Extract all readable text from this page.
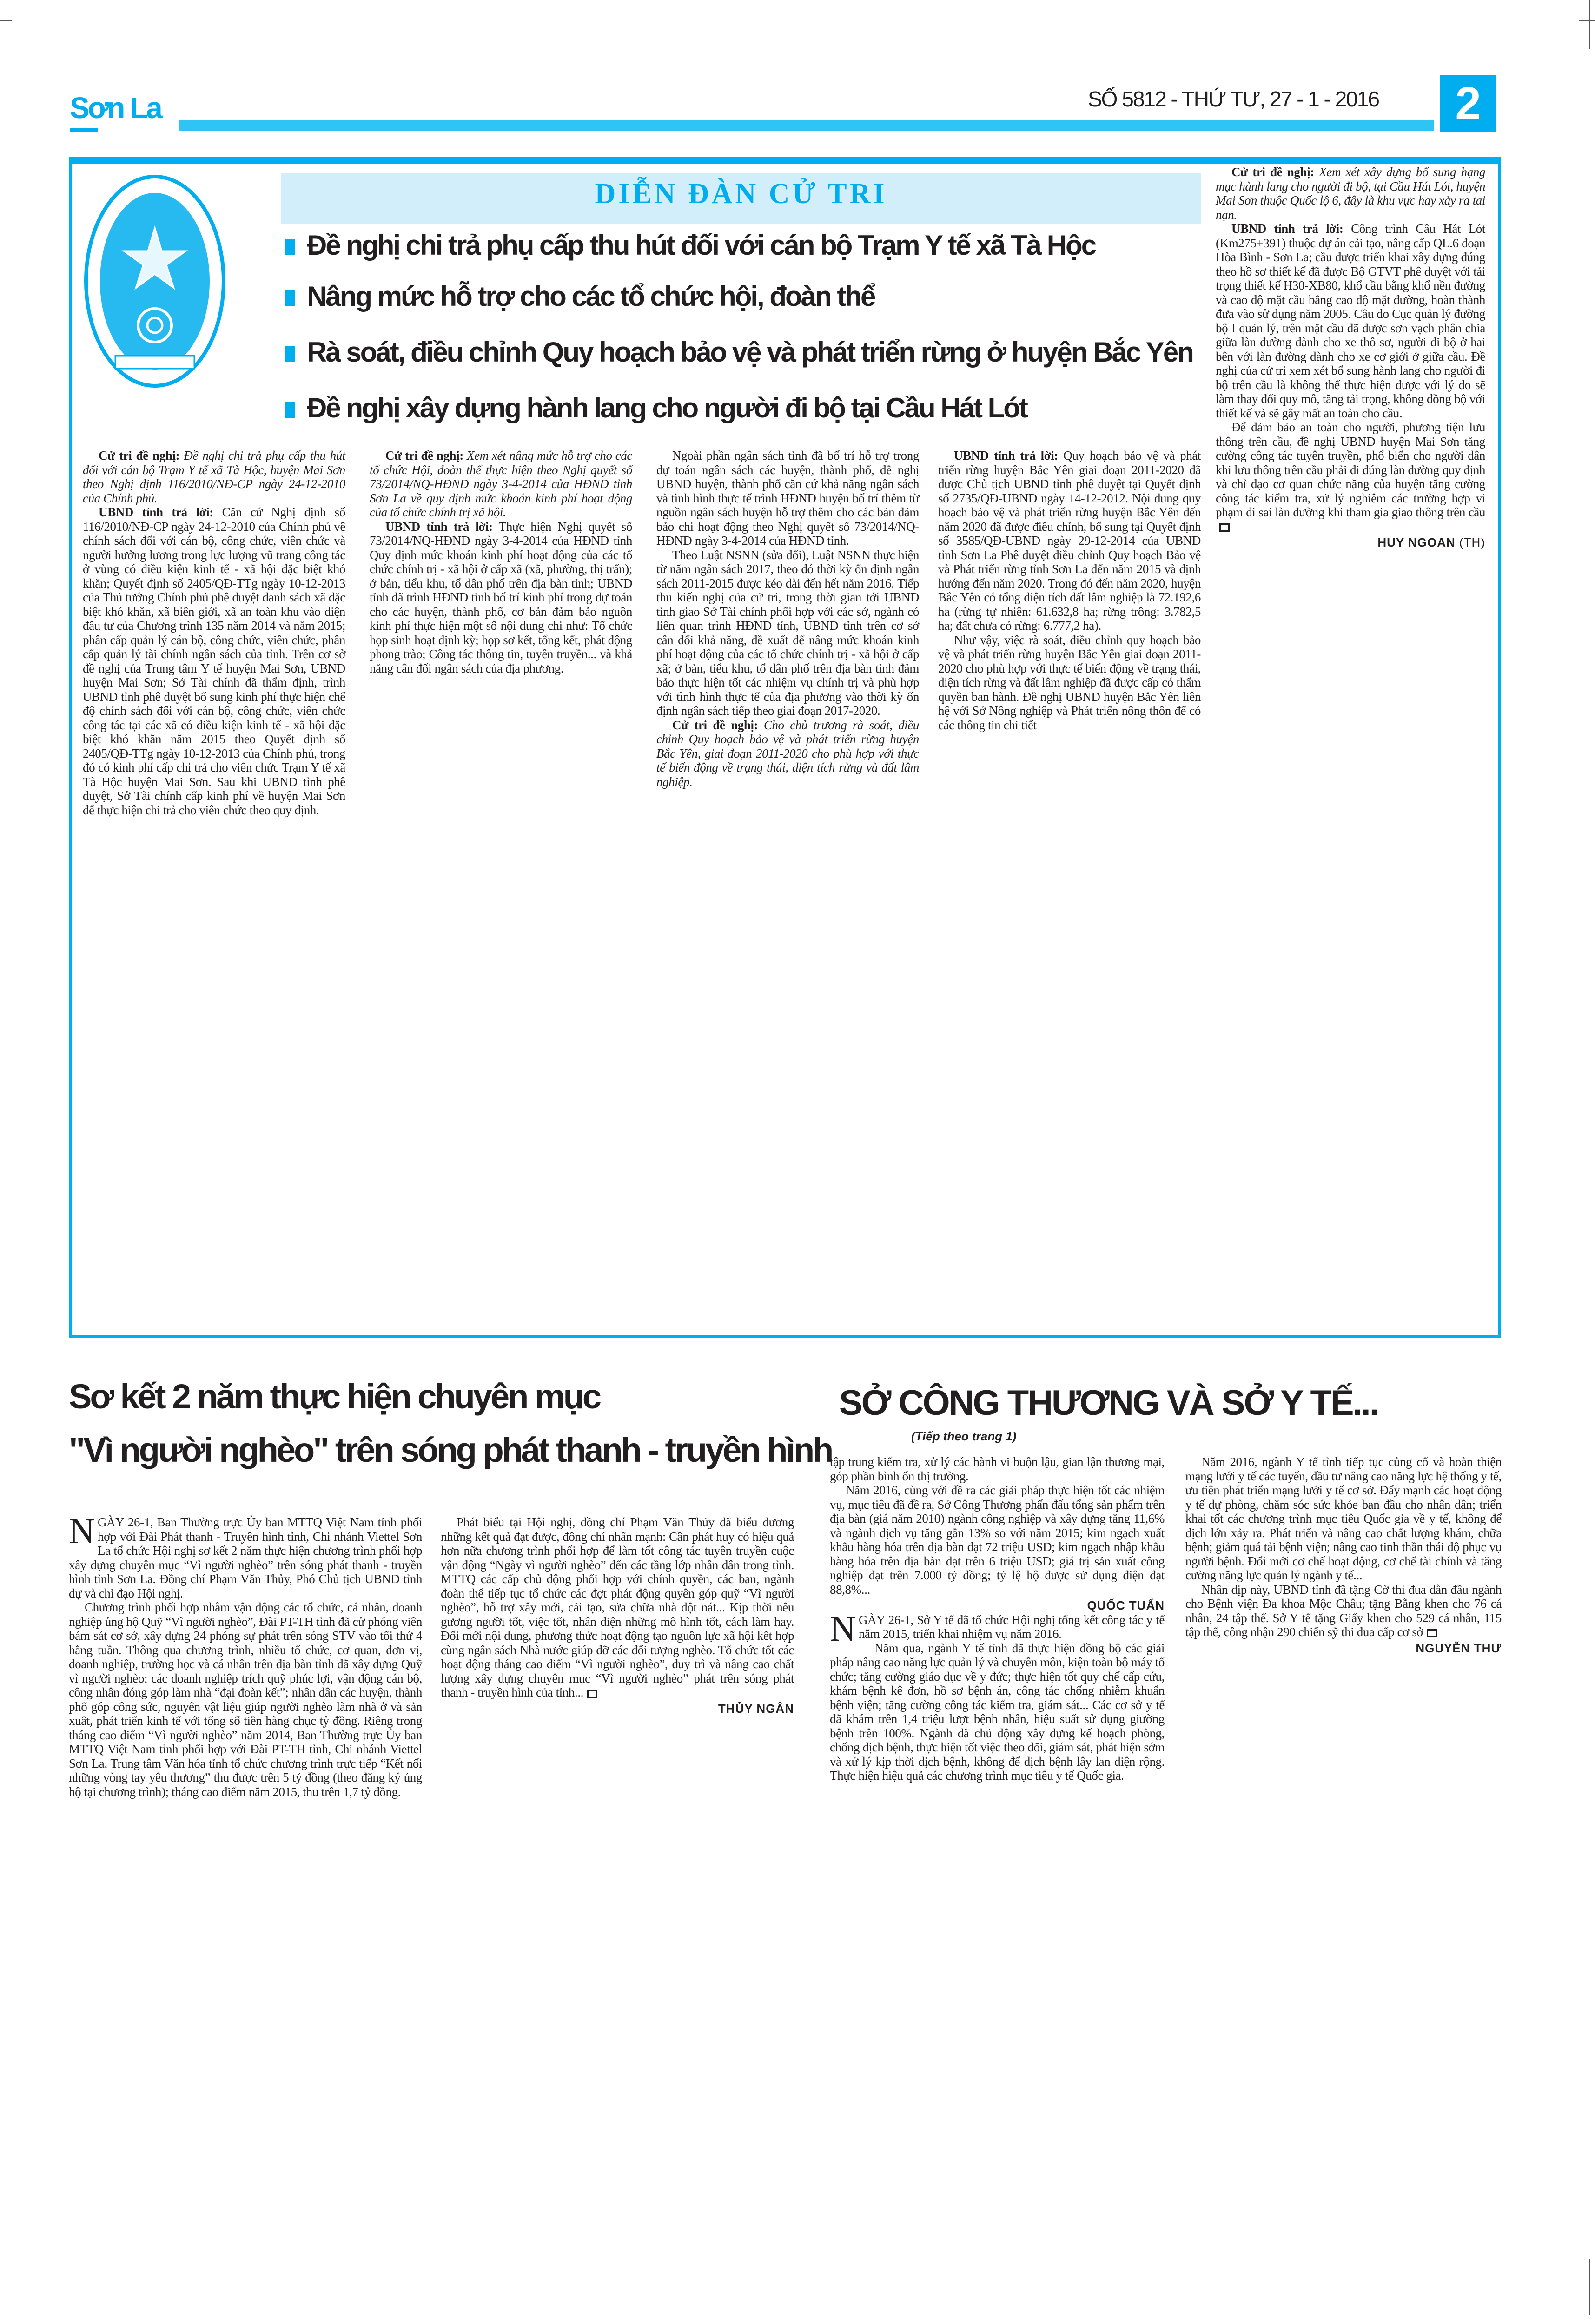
Sơn La	SỐ 5812 - THỨ TƯ, 27 - 1 - 2016	2
DIỄN ĐÀN CỬ TRI
Đề nghị chi trả phụ cấp thu hút đối với cán bộ Trạm Y tế xã Tà Hộc
Nâng mức hỗ trợ cho các tổ chức hội, đoàn thể
Rà soát, điều chỉnh Quy hoạch bảo vệ và phát triển rừng ở huyện Bắc Yên
Đề nghị xây dựng hành lang cho người đi bộ tại Cầu Hát Lót

Cử tri đề nghị: Đề nghị chi trả phụ cấp thu hút đối với cán bộ Trạm Y tế xã Tà Hộc, huyện Mai Sơn theo Nghị định 116/2010/NĐ-CP ngày 24-12-2010 của Chính phủ.

UBND tỉnh trả lời: Căn cứ Nghị định số 116/2010/NĐ-CP ngày 24-12-2010 của Chính phủ về chính sách đối với cán bộ, công chức, viên chức và người hưởng lương trong lực lượng vũ trang công tác ở vùng có điều kiện kinh tế - xã hội đặc biệt khó khăn; Quyết định số 2405/QĐ-TTg ngày 10-12-2013 của Thủ tướng Chính phủ phê duyệt danh sách xã đặc biệt khó khăn, xã biên giới, xã an toàn khu vào diện đầu tư của Chương trình 135 năm 2014 và năm 2015; phân cấp quản lý cán bộ, công chức, viên chức, phân cấp quản lý tài chính ngân sách của tỉnh. Trên cơ sở đề nghị của Trung tâm Y tế huyện Mai Sơn, UBND huyện Mai Sơn; Sở Tài chính đã thẩm định, trình UBND tỉnh phê duyệt bổ sung kinh phí thực hiện chế độ chính sách đối với cán bộ, công chức, viên chức công tác tại các xã có điều kiện kinh tế - xã hội đặc biệt khó khăn năm 2015 theo Quyết định số 2405/QĐ-TTg ngày 10-12-2013 của Chính phủ, trong đó có kinh phí cấp chi trả cho viên chức Trạm Y tế xã Tà Hộc huyện Mai Sơn. Sau khi UBND tỉnh phê duyệt, Sở Tài chính cấp kinh phí về huyện Mai Sơn để thực hiện chi trả cho viên chức theo quy định.

Cử tri đề nghị: Xem xét nâng mức hỗ trợ cho các tổ chức Hội, đoàn thể thực hiện theo Nghị quyết số 73/2014/NQ-HĐND ngày 3-4-2014 của HĐND tỉnh Sơn La về quy định mức khoán kinh phí hoạt động của tổ chức chính trị xã hội.

UBND tỉnh trả lời: Thực hiện Nghị quyết số 73/2014/NQ-HĐND ngày 3-4-2014 của HĐND tỉnh Quy định mức khoán kinh phí hoạt động của các tổ chức chính trị - xã hội ở cấp xã (xã, phường, thị trấn); ở bản, tiểu khu, tổ dân phố trên địa bàn tỉnh; UBND tỉnh đã trình HĐND tỉnh bố trí kinh phí trong dự toán cho các huyện, thành phố, cơ bản đảm bảo nguồn kinh phí thực hiện một số nội dung chi như: Tổ chức họp sinh hoạt định kỳ; họp sơ kết, tổng kết, phát động phong trào; Công tác thông tin, tuyên truyền... và khả năng cân đối ngân sách của địa phương.

Ngoài phần ngân sách tỉnh đã bố trí hỗ trợ trong dự toán ngân sách các huyện, thành phố, đề nghị UBND huyện, thành phố căn cứ khả năng ngân sách và tình hình thực tế trình HĐND huyện bố trí thêm từ nguồn ngân sách huyện hỗ trợ thêm cho các bản đảm bảo chi hoạt động theo Nghị quyết số 73/2014/NQ-HĐND ngày 3-4-2014 của HĐND tỉnh.

Theo Luật NSNN (sửa đổi), Luật NSNN thực hiện từ năm ngân sách 2017, theo đó thời kỳ ổn định ngân sách 2011-2015 được kéo dài đến hết năm 2016. Tiếp thu kiến nghị của cử tri, trong thời gian tới UBND tỉnh giao Sở Tài chính phối hợp với các sở, ngành có liên quan trình HĐND tỉnh, UBND tỉnh trên cơ sở cân đối khả năng, đề xuất để nâng mức khoán kinh phí hoạt động của các tổ chức chính trị - xã hội ở cấp xã; ở bản, tiểu khu, tổ dân phố trên địa bàn tỉnh đảm bảo thực hiện tốt các nhiệm vụ chính trị và phù hợp với tình hình thực tế của địa phương vào thời kỳ ổn định ngân sách tiếp theo giai đoạn 2017-2020.

Cử tri đề nghị: Cho chủ trương rà soát, điều chỉnh Quy hoạch bảo vệ và phát triển rừng huyện Bắc Yên, giai đoạn 2011-2020 cho phù hợp với thực tế biến động về trạng thái, diện tích rừng và đất lâm nghiệp.

UBND tỉnh trả lời: Quy hoạch bảo vệ và phát triển rừng huyện Bắc Yên giai đoạn 2011-2020 đã được Chủ tịch UBND tỉnh phê duyệt tại Quyết định số 2735/QĐ-UBND ngày 14-12-2012. Nội dung quy hoạch bảo vệ và phát triển rừng huyện Bắc Yên đến năm 2020 đã được điều chỉnh, bổ sung tại Quyết định số 3585/QĐ-UBND ngày 29-12-2014 của UBND tỉnh Sơn La Phê duyệt điều chỉnh Quy hoạch Bảo vệ và Phát triển rừng tỉnh Sơn La đến năm 2015 và định hướng đến năm 2020. Trong đó đến năm 2020, huyện Bắc Yên có tổng diện tích đất lâm nghiệp là 72.192,6 ha (rừng tự nhiên: 61.632,8 ha; rừng trồng: 3.782,5 ha; đất chưa có rừng: 6.777,2 ha).

Như vậy, việc rà soát, điều chỉnh quy hoạch bảo vệ và phát triển rừng huyện Bắc Yên giai đoạn 2011-2020 cho phù hợp với thực tế biến động về trạng thái, diện tích rừng và đất lâm nghiệp đã được cấp có thẩm quyền ban hành. Đề nghị UBND huyện Bắc Yên liên hệ với Sở Nông nghiệp và Phát triển nông thôn để có các thông tin chi tiết

Cử tri đề nghị: Xem xét xây dựng bổ sung hạng mục hành lang cho người đi bộ, tại Cầu Hát Lót, huyện Mai Sơn thuộc Quốc lộ 6, đây là khu vực hay xảy ra tai nạn.

UBND tỉnh trả lời: Công trình Cầu Hát Lót (Km275+391) thuộc dự án cải tạo, nâng cấp QL.6 đoạn Hòa Bình - Sơn La; cầu được triển khai xây dựng đúng theo hồ sơ thiết kế đã được Bộ GTVT phê duyệt với tải trọng thiết kế H30-XB80, khổ cầu bằng khổ nền đường và cao độ mặt cầu bằng cao độ mặt đường, hoàn thành đưa vào sử dụng năm 2005. Cầu do Cục quản lý đường bộ I quản lý, trên mặt cầu đã được sơn vạch phân chia giữa làn đường dành cho xe thô sơ, người đi bộ ở hai bên với làn đường dành cho xe cơ giới ở giữa cầu. Đề nghị của cử tri xem xét bổ sung hành lang cho người đi bộ trên cầu là không thể thực hiện được với lý do sẽ làm thay đổi quy mô, tăng tải trọng, không đồng bộ với thiết kế và sẽ gây mất an toàn cho cầu.

Để đảm bảo an toàn cho người, phương tiện lưu thông trên cầu, đề nghị UBND huyện Mai Sơn tăng cường công tác tuyên truyền, phổ biến cho người dân khi lưu thông trên cầu phải đi đúng làn đường quy định và chỉ đạo cơ quan chức năng của huyện tăng cường công tác kiểm tra, xử lý nghiêm các trường hợp vi phạm đi sai làn đường khi tham gia giao thông trên cầu

HUY NGOAN (TH)
Sơ kết 2 năm thực hiện chuyên mục
"Vì người nghèo" trên sóng phát thanh - truyền hình

NGÀY 26-1, Ban Thường trực Ủy ban MTTQ Việt Nam tỉnh phối hợp với Đài Phát thanh - Truyền hình tỉnh, Chi nhánh Viettel Sơn La tổ chức Hội nghị sơ kết 2 năm thực hiện chương trình phối hợp xây dựng chuyên mục “Vì người nghèo” trên sóng phát thanh - truyền hình tỉnh Sơn La. Đồng chí Phạm Văn Thủy, Phó Chủ tịch UBND tỉnh dự và chỉ đạo Hội nghị.

Chương trình phối hợp nhằm vận động các tổ chức, cá nhân, doanh nghiệp ủng hộ Quỹ “Vì người nghèo”, Đài PT-TH tỉnh đã cử phóng viên bám sát cơ sở, xây dựng 24 phóng sự phát trên sóng STV vào tối thứ 4 hằng tuần. Thông qua chương trình, nhiều tổ chức, cơ quan, đơn vị, doanh nghiệp, trường học và cá nhân trên địa bàn tỉnh đã xây dựng Quỹ vì người nghèo; các doanh nghiệp trích quỹ phúc lợi, vận động cán bộ, công nhân đóng góp làm nhà “đại đoàn kết”; nhân dân các huyện, thành phố góp công sức, nguyên vật liệu giúp người nghèo làm nhà ở và sản xuất, phát triển kinh tế với tổng số tiền hàng chục tỷ đồng. Riêng trong tháng cao điểm “Vì người nghèo” năm 2014, Ban Thường trực Ủy ban MTTQ Việt Nam tỉnh phối hợp với Đài PT-TH tỉnh, Chi nhánh Viettel Sơn La, Trung tâm Văn hóa tỉnh tổ chức chương trình trực tiếp “Kết nối những vòng tay yêu thương” thu được trên 5 tỷ đồng (theo đăng ký ủng hộ tại chương trình); tháng cao điểm năm 2015, thu trên 1,7 tỷ đồng.

Phát biểu tại Hội nghị, đồng chí Phạm Văn Thủy đã biểu dương những kết quả đạt được, đồng chí nhấn mạnh: Cần phát huy có hiệu quả hơn nữa chương trình phối hợp để làm tốt công tác tuyên truyền cuộc vận động “Ngày vì người nghèo” đến các tầng lớp nhân dân trong tỉnh. MTTQ các cấp chủ động phối hợp với chính quyền, các ban, ngành đoàn thể tiếp tục tổ chức các đợt phát động quyên góp quỹ “Vì người nghèo”, hỗ trợ xây mới, cải tạo, sửa chữa nhà dột nát... Kịp thời nêu gương người tốt, việc tốt, nhân diện những mô hình tốt, cách làm hay. Đổi mới nội dung, phương thức hoạt động tạo nguồn lực xã hội kết hợp cùng ngân sách Nhà nước giúp đỡ các đối tượng nghèo. Tổ chức tốt các hoạt động tháng cao điểm “Vì người nghèo”, duy trì và nâng cao chất lượng xây dựng chuyên mục “Vì người nghèo” phát trên sóng phát thanh - truyền hình của tỉnh...

THỦY NGÂN
SỞ CÔNG THƯƠNG VÀ SỞ Y TẾ...
(Tiếp theo trang 1)

tập trung kiểm tra, xử lý các hành vi buộn lậu, gian lận thương mại, góp phần bình ổn thị trường.

Năm 2016, cùng với đề ra các giải pháp thực hiện tốt các nhiệm vụ, mục tiêu đã đề ra, Sở Công Thương phấn đấu tổng sản phẩm trên địa bàn (giá năm 2010) ngành công nghiệp và xây dựng tăng 11,6% và ngành dịch vụ tăng gần 13% so với năm 2015; kim ngạch xuất khẩu hàng hóa trên địa bàn đạt 72 triệu USD; kim ngạch nhập khẩu hàng hóa trên địa bàn đạt trên 6 triệu USD; giá trị sản xuất công nghiệp đạt trên 7.000 tỷ đồng; tỷ lệ hộ được sử dụng điện đạt 88,8%...

QUỐC TUẤN

NGÀY 26-1, Sở Y tế đã tổ chức Hội nghị tổng kết công tác y tế năm 2015, triển khai nhiệm vụ năm 2016.

Năm qua, ngành Y tế tỉnh đã thực hiện đồng bộ các giải pháp nâng cao năng lực quản lý và chuyên môn, kiện toàn bộ máy tổ chức; tăng cường giáo dục về y đức; thực hiện tốt quy chế cấp cứu, khám bệnh kê đơn, hồ sơ bệnh án, công tác chống nhiễm khuẩn bệnh viện; tăng cường công tác kiểm tra, giám sát... Các cơ sở y tế đã khám trên 1,4 triệu lượt bệnh nhân, hiệu suất sử dụng giường bệnh trên 100%. Ngành đã chủ động xây dựng kế hoạch phòng, chống dịch bệnh, thực hiện tốt việc theo dõi, giám sát, phát hiện sớm và xử lý kịp thời dịch bệnh, không để dịch bệnh lây lan diện rộng. Thực hiện hiệu quả các chương trình mục tiêu y tế Quốc gia.

Năm 2016, ngành Y tế tỉnh tiếp tục củng cố và hoàn thiện mạng lưới y tế các tuyến, đầu tư nâng cao năng lực hệ thống y tế, ưu tiên phát triển mạng lưới y tế cơ sở. Đẩy mạnh các hoạt động y tế dự phòng, chăm sóc sức khỏe ban đầu cho nhân dân; triển khai tốt các chương trình mục tiêu Quốc gia về y tế, không để dịch lớn xảy ra. Phát triển và nâng cao chất lượng khám, chữa bệnh; giảm quá tải bệnh viện; nâng cao tinh thần thái độ phục vụ người bệnh. Đổi mới cơ chế hoạt động, cơ chế tài chính và tăng cường năng lực quản lý ngành y tế...

Nhân dịp này, UBND tỉnh đã tặng Cờ thi đua dẫn đầu ngành cho Bệnh viện Đa khoa Mộc Châu; tặng Bằng khen cho 76 cá nhân, 24 tập thể. Sở Y tế tặng Giấy khen cho 529 cá nhân, 115 tập thể, công nhận 290 chiến sỹ thi đua cấp cơ sở

NGUYỄN THƯ
